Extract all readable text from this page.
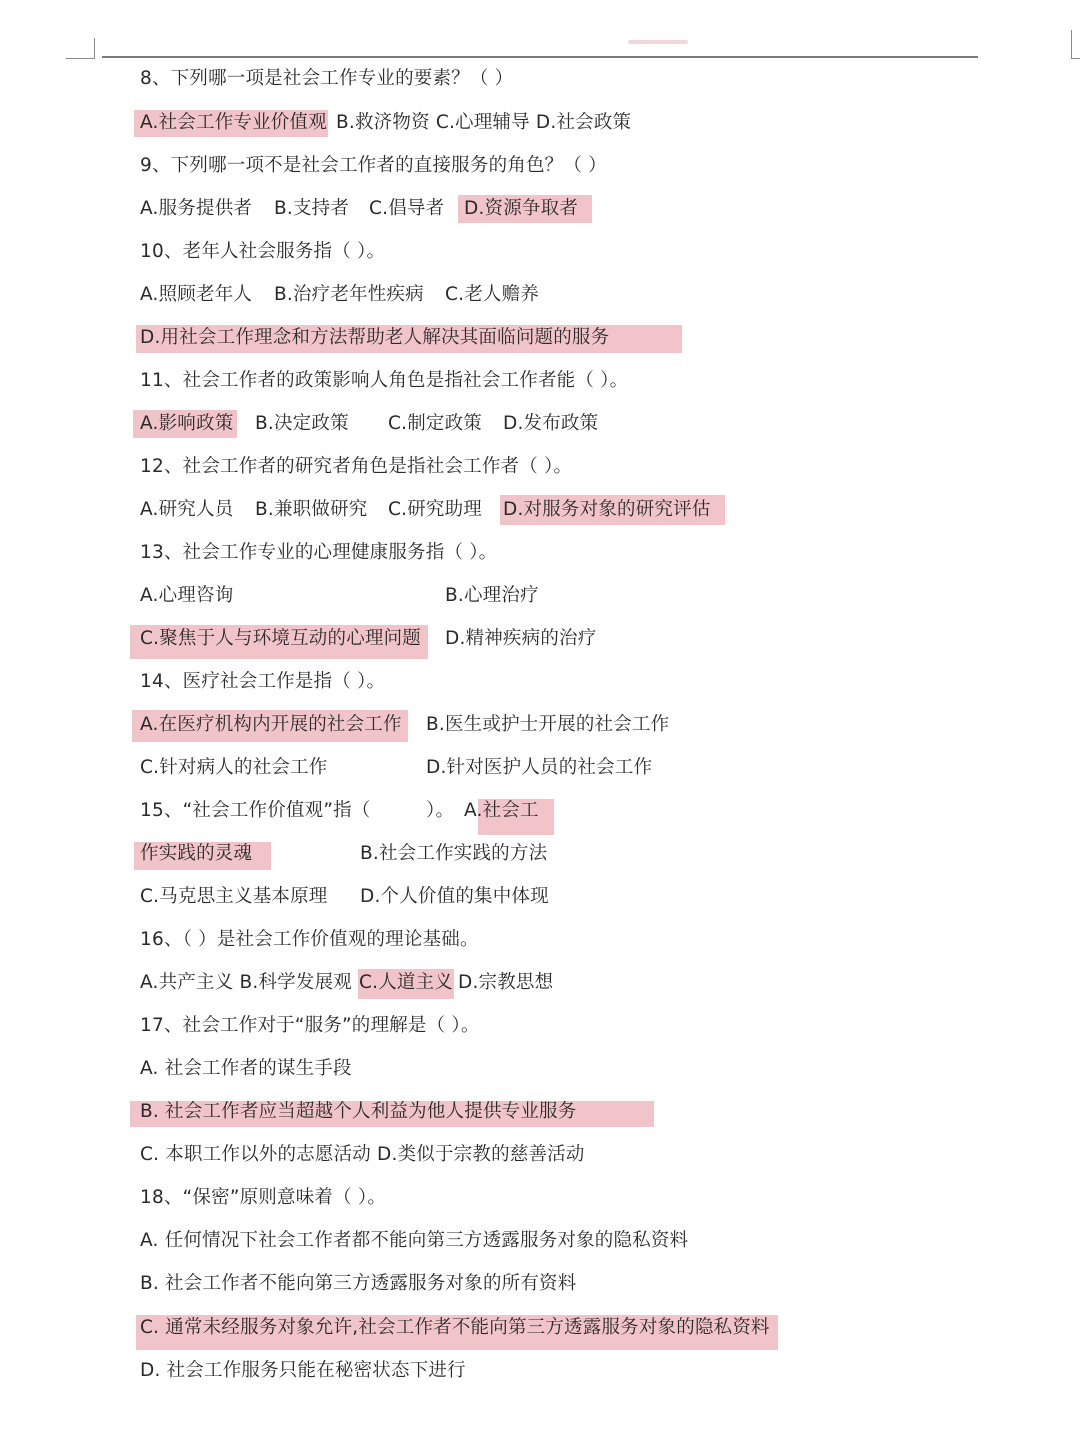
8、下列哪一项是社会工作专业的要素？（ ）
A.社会工作专业价值观 B.救济物资 C.心理辅导 D.社会政策
9、下列哪一项不是社会工作者的直接服务的角色？（ ）
A.服务提供者 B.支持者 C.倡导者 D.资源争取者
10、老年人社会服务指（ ）。
A.照顾老年人 B.治疗老年性疾病 C.老人赡养
D.用社会工作理念和方法帮助老人解决其面临问题的服务
11、社会工作者的政策影响人角色是指社会工作者能（ ）。
A.影响政策 B.决定政策 C.制定政策 D.发布政策
12、社会工作者的研究者角色是指社会工作者（ ）。
A.研究人员 B.兼职做研究 C.研究助理 D.对服务对象的研究评估
13、社会工作专业的心理健康服务指（ ）。
A.心理咨询	B.心理治疗
C.聚焦于人与环境互动的心理问题 D.精神疾病的治疗
14、医疗社会工作是指（ ）。
A.在医疗机构内开展的社会工作 B.医生或护士开展的社会工作
C.针对病人的社会工作	D.针对医护人员的社会工作
15、“社会工作价值观”指（	）。 A.社会工
作实践的灵魂	B.社会工作实践的方法
C.马克思主义基本原理 D.个人价值的集中体现
16、（ ）是社会工作价值观的理论基础。
A.共产主义 B.科学发展观 C.人道主义 D.宗教思想
17、社会工作对于“服务”的理解是（ ）。
A. 社会工作者的谋生手段
B. 社会工作者应当超越个人利益为他人提供专业服务
C. 本职工作以外的志愿活动 D.类似于宗教的慈善活动
18、“保密”原则意味着（ ）。
A. 任何情况下社会工作者都不能向第三方透露服务对象的隐私资料
B. 社会工作者不能向第三方透露服务对象的所有资料
C. 通常未经服务对象允许,社会工作者不能向第三方透露服务对象的隐私资料
D. 社会工作服务只能在秘密状态下进行
